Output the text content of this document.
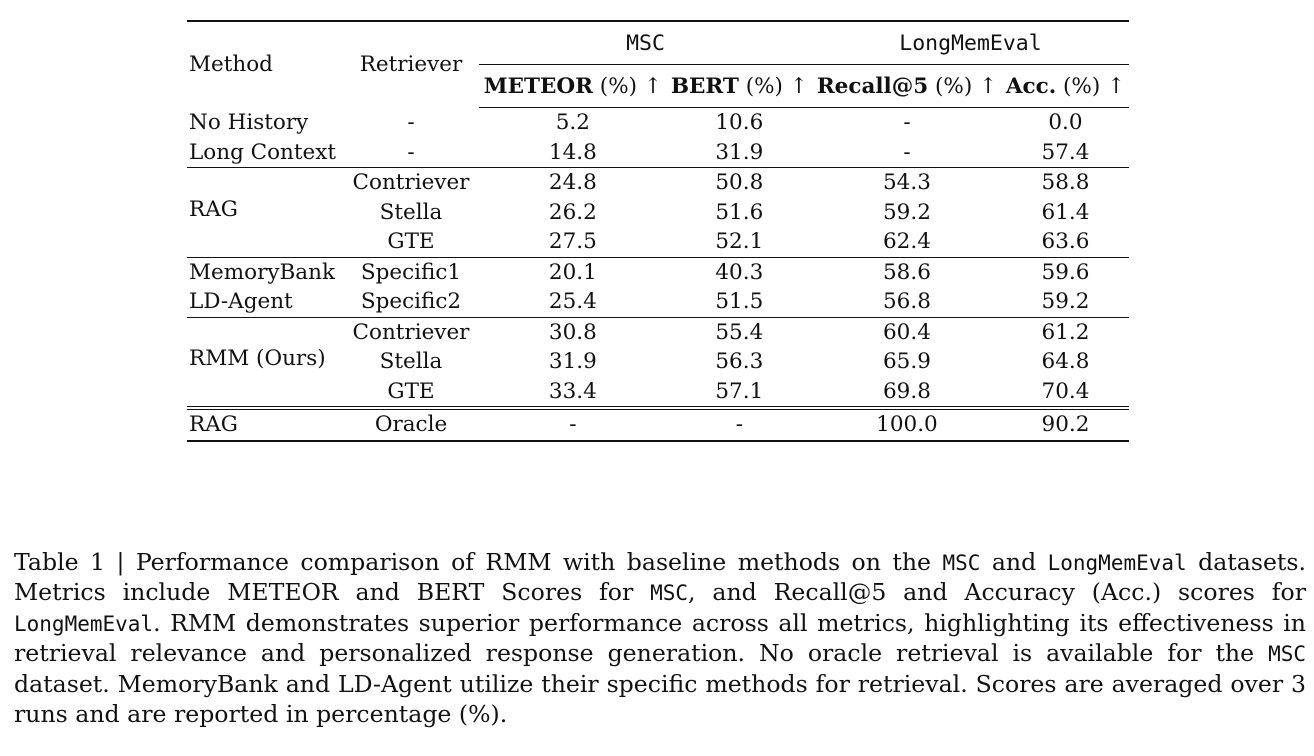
Method	Retriever	MSC		LongMemEval	
		METEOR (%) ↑	BERT (%) ↑	Recall@5 (%) ↑	Acc. (%) ↑
No History	-	5.2	10.6	-	0.0
Long Context	-	14.8	31.9	-	57.4
RAG	Contriever	24.8	50.8	54.3	58.8
	Stella	26.2	51.6	59.2	61.4
	GTE	27.5	52.1	62.4	63.6
MemoryBank	Specific1	20.1	40.3	58.6	59.6
LD-Agent	Specific2	25.4	51.5	56.8	59.2
RMM (Ours)	Contriever	30.8	55.4	60.4	61.2
	Stella	31.9	56.3	65.9	64.8
	GTE	33.4	57.1	69.8	70.4
RAG	Oracle	-	-	100.0	90.2

Table 1 | Performance comparison of RMM with baseline methods on the MSC and LongMemEval datasets. Metrics include METEOR and BERT Scores for MSC, and Recall@5 and Accuracy (Acc.) scores for LongMemEval. RMM demonstrates superior performance across all metrics, highlighting its effectiveness in retrieval relevance and personalized response generation. No oracle retrieval is available for the MSC dataset. MemoryBank and LD-Agent utilize their specific methods for retrieval. Scores are averaged over 3 runs and are reported in percentage (%).
